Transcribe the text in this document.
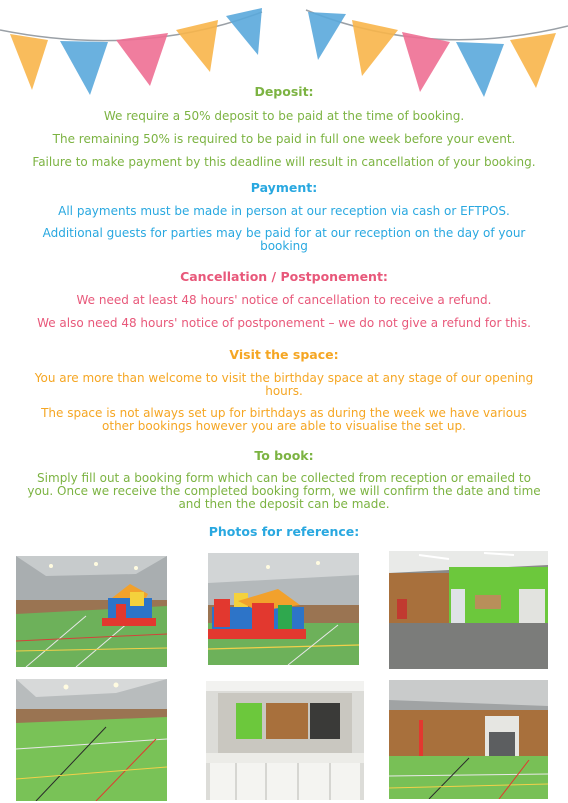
Deposit:

We require a 50% deposit to be paid at the time of booking.

The remaining 50% is required to be paid in full one week before your event.

Failure to make payment by this deadline will result in cancellation of your booking.

Payment:

All payments must be made in person at our reception via cash or EFTPOS.

Additional guests for parties may be paid for at our reception on the day of your booking

Cancellation / Postponement:

We need at least 48 hours' notice of cancellation to receive a refund.

We also need 48 hours' notice of postponement – we do not give a refund for this.

Visit the space:

You are more than welcome to visit the birthday space at any stage of our opening hours.

The space is not always set up for birthdays as during the week we have various other bookings however you are able to visualise the set up.

To book:

Simply fill out a booking form which can be collected from reception or emailed to you. Once we receive the completed booking form, we will confirm the date and time and then the deposit can be made.

Photos for reference:
